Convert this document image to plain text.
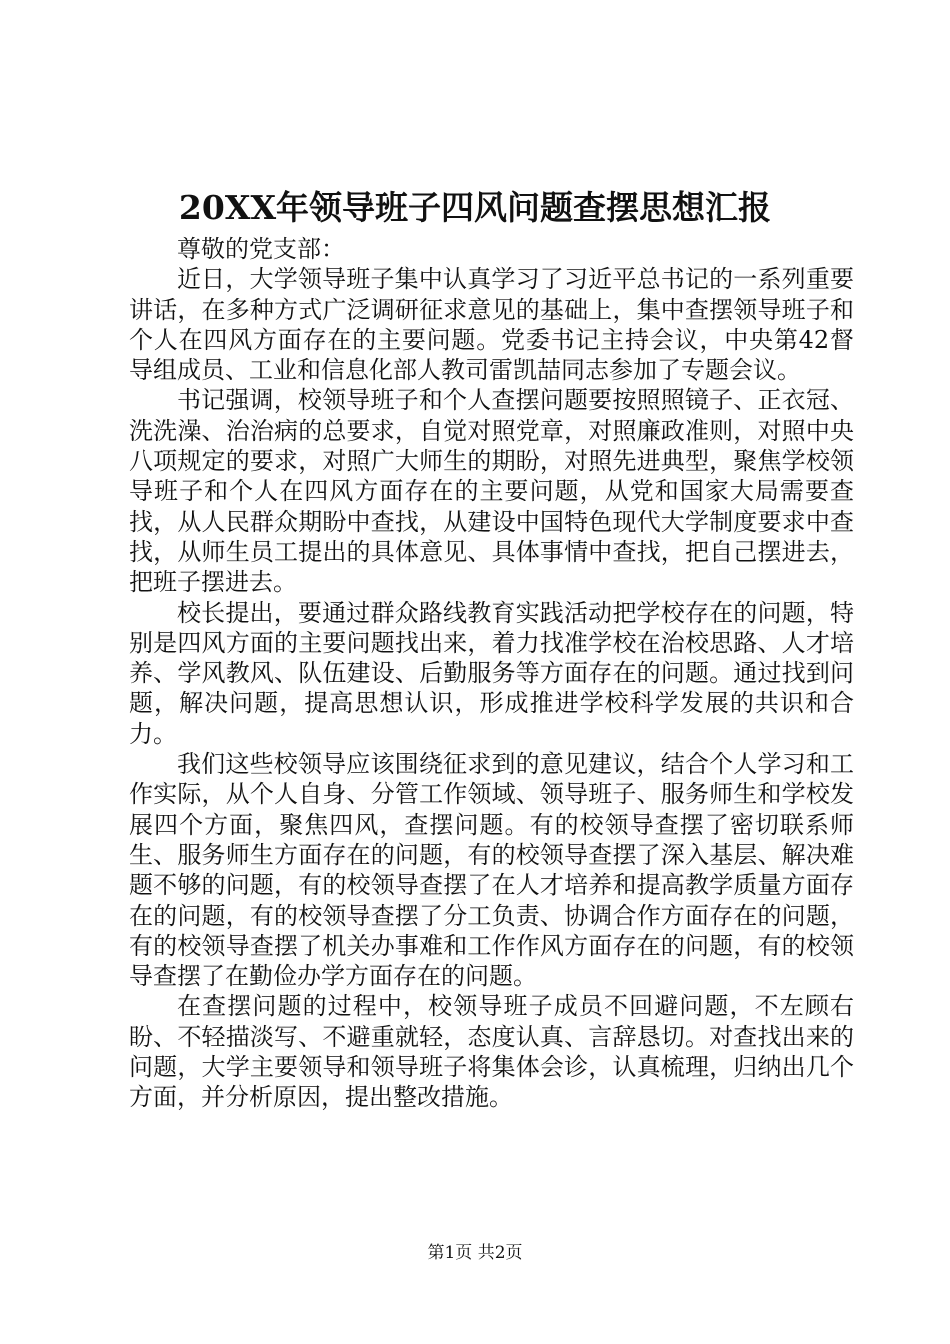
20XX年领导班子四风问题查摆思想汇报

尊敬的党支部：

近日，大学领导班子集中认真学习了习近平总书记的一系列重要讲话，在多种方式广泛调研征求意见的基础上，集中查摆领导班子和个人在四风方面存在的主要问题。党委书记主持会议，中央第42督导组成员、工业和信息化部人教司雷凯喆同志参加了专题会议。

书记强调，校领导班子和个人查摆问题要按照照镜子、正衣冠、洗洗澡、治治病的总要求，自觉对照党章，对照廉政准则，对照中央八项规定的要求，对照广大师生的期盼，对照先进典型，聚焦学校领导班子和个人在四风方面存在的主要问题，从党和国家大局需要查找，从人民群众期盼中查找，从建设中国特色现代大学制度要求中查找，从师生员工提出的具体意见、具体事情中查找，把自己摆进去，把班子摆进去。

校长提出，要通过群众路线教育实践活动把学校存在的问题，特别是四风方面的主要问题找出来，着力找准学校在治校思路、人才培养、学风教风、队伍建设、后勤服务等方面存在的问题。通过找到问题，解决问题，提高思想认识，形成推进学校科学发展的共识和合力。

我们这些校领导应该围绕征求到的意见建议，结合个人学习和工作实际，从个人自身、分管工作领域、领导班子、服务师生和学校发展四个方面，聚焦四风，查摆问题。有的校领导查摆了密切联系师生、服务师生方面存在的问题，有的校领导查摆了深入基层、解决难题不够的问题，有的校领导查摆了在人才培养和提高教学质量方面存在的问题，有的校领导查摆了分工负责、协调合作方面存在的问题，有的校领导查摆了机关办事难和工作作风方面存在的问题，有的校领导查摆了在勤俭办学方面存在的问题。

在查摆问题的过程中，校领导班子成员不回避问题，不左顾右盼、不轻描淡写、不避重就轻，态度认真、言辞恳切。对查找出来的问题，大学主要领导和领导班子将集体会诊，认真梳理，归纳出几个方面，并分析原因，提出整改措施。

第1页 共2页
